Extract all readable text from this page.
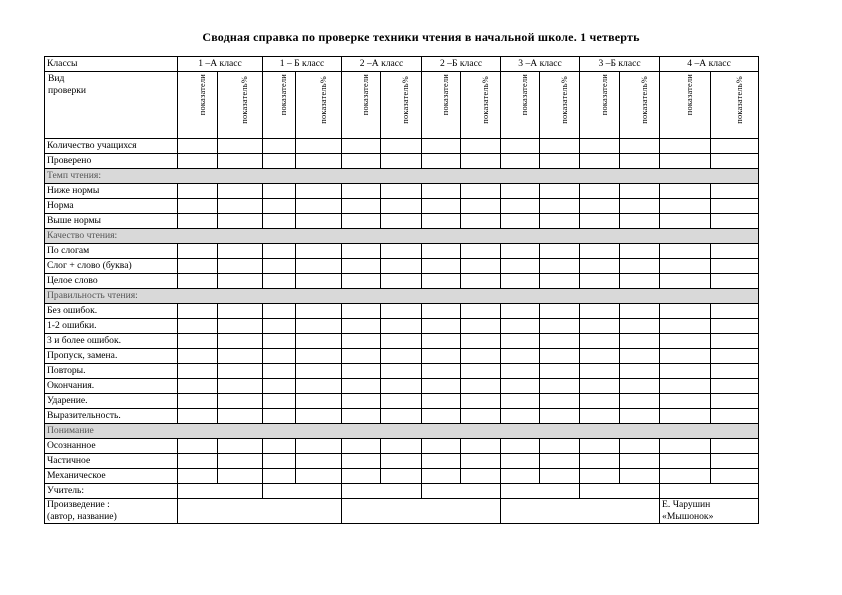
Сводная справка по проверке техники чтения в начальной школе. 1 четверть
Классы	1 –А класс		1 – Б класс		2 –А класс		2 –Б класс		3 –А класс		3 –Б класс		4 –А класс	
Вид
проверки	показатели	показатель%	показатели	показатель%	показатели	показатель%	показатели	показатель%	показатели	показатель%	показатели	показатель%	показатели	показатель%

Количество учащихся														
Проверено														
Темп чтения:														
Ниже нормы														
Норма														
Выше нормы														
Качество чтения:														
По слогам														
Слог + слово (буква)														
Целое слово														
Правильность чтения:														
Без ошибок.														
1-2 ошибки.														
3 и более ошибок.														
Пропуск, замена.														
Повторы.														
Окончания.														
Ударение.														
Выразительность.														
Понимание														
Осознанное														
Частичное														
Механическое														
Учитель:														
Произведение :
(автор, название)													Е. Чарушин
«Мышонок»	
